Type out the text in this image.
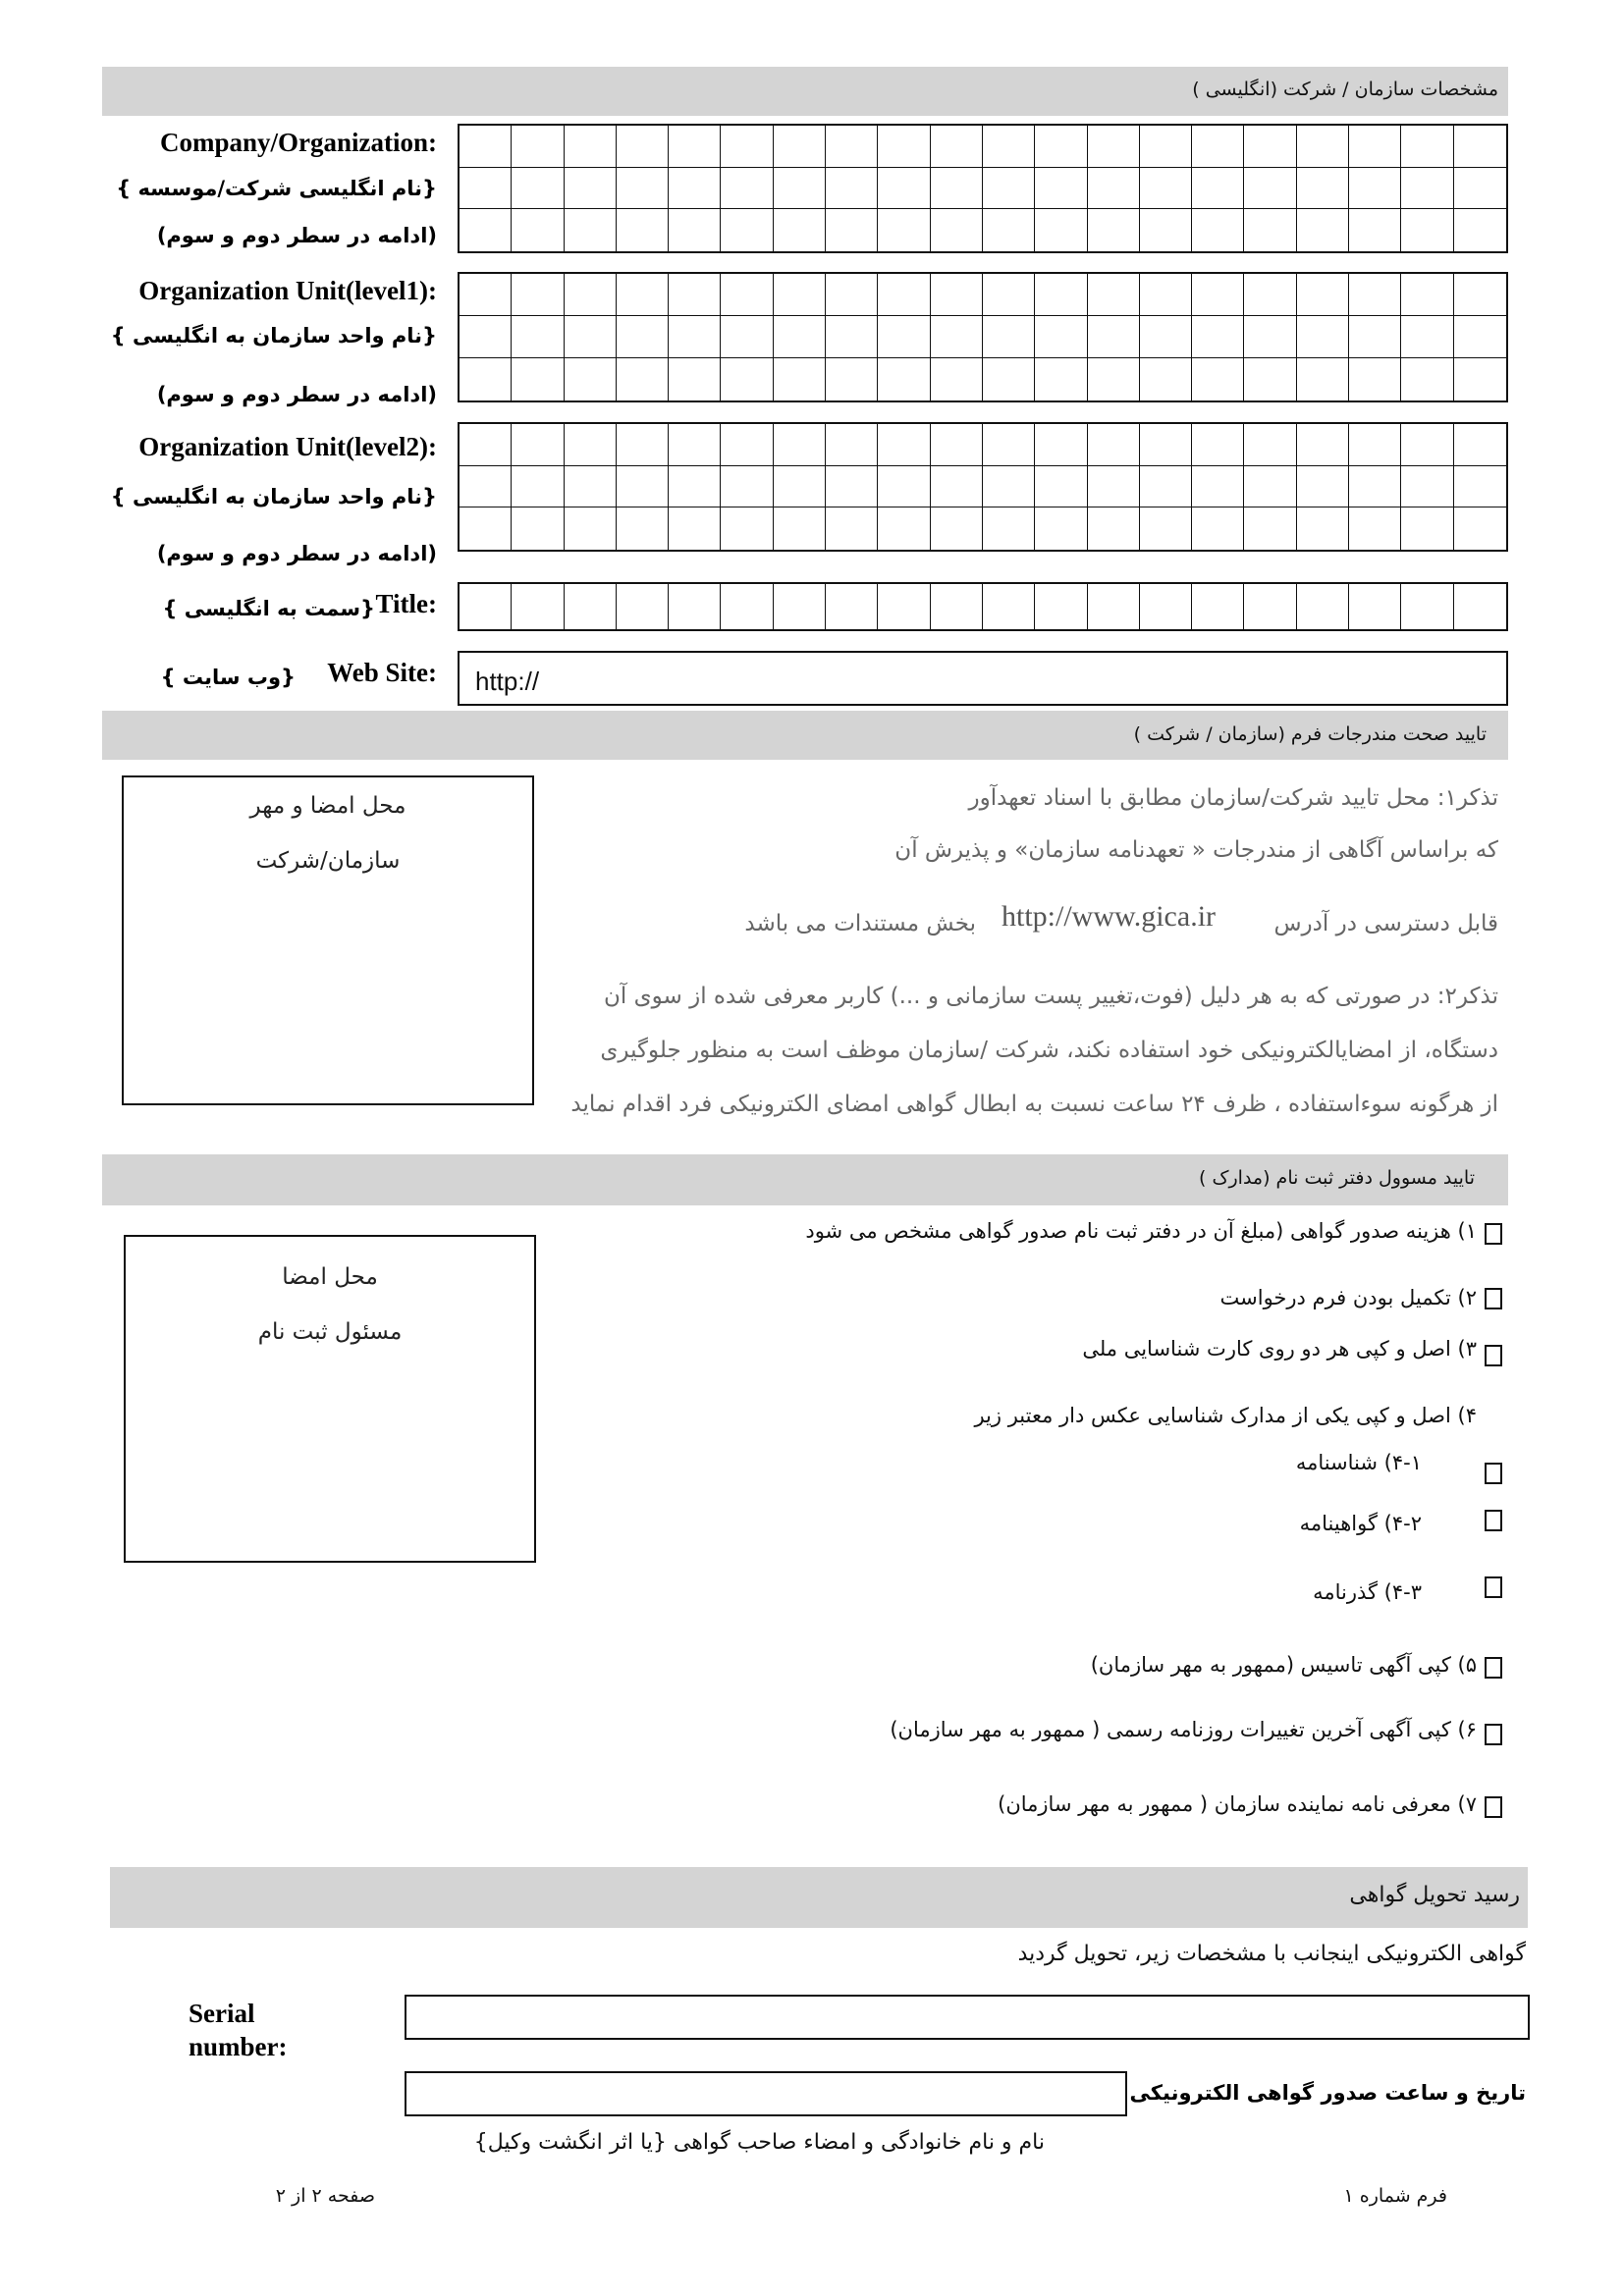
مشخصات سازمان / شرکت (انگلیسی )
Company/Organization:
{نام انگلیسی شرکت/موسسه }
(ادامه در سطر دوم و سوم)
Organization Unit(level1):
{نام واحد سازمان به انگلیسی }
(ادامه در سطر دوم و سوم)
Organization Unit(level2):
{نام واحد سازمان به انگلیسی }
(ادامه در سطر دوم و سوم)
Title:
{سمت به انگلیسی }
Web Site:
{وب سایت }	http://
تایید صحت مندرجات فرم (سازمان / شرکت )
محل امضا و مهر
سازمان/شرکت
تذکر۱: محل تایید شرکت/سازمان مطابق با اسناد تعهدآور
که براساس آگاهی از مندرجات « تعهدنامه سازمان» و پذیرش آن
قابل دسترسی در آدرس
http://www.gica.ir
بخش مستندات می باشد
تذکر۲: در صورتی که به هر دلیل (فوت،تغییر پست سازمانی و ...) کاربر معرفی شده از سوی آن
دستگاه، از امضایالکترونیکی خود استفاده نکند، شرکت /سازمان موظف است به منظور جلوگیری
از هرگونه سوءاستفاده ، ظرف ۲۴ ساعت نسبت به ابطال گواهی امضای الکترونیکی فرد اقدام نماید
تایید مسوول دفتر ثبت نام (مدارک )
محل امضا
مسئول ثبت نام
۱) هزینه صدور گواهی (مبلغ آن در دفتر ثبت نام صدور گواهی مشخص می شود
۲) تکمیل بودن فرم درخواست
۳) اصل و کپی هر دو روی کارت شناسایی ملی
۴) اصل و کپی یکی از مدارک شناسایی عکس دار معتبر زیر
۴-۱) شناسنامه
۴-۲) گواهینامه
۴-۳) گذرنامه
۵) کپی آگهی تاسیس (ممهور به مهر سازمان)
۶) کپی آگهی آخرین تغییرات روزنامه رسمی ( ممهور به مهر سازمان)
۷) معرفی نامه نماینده سازمان ( ممهور به مهر سازمان)
رسید تحویل گواهی
گواهی الکترونیکی اینجانب با مشخصات زیر، تحویل گردید
Serial
number:
تاریخ و ساعت صدور گواهی الکترونیکی
نام و نام خانوادگی و امضاء صاحب گواهی {یا اثر انگشت وکیل}
فرم شماره ۱
صفحه ۲ از ۲
